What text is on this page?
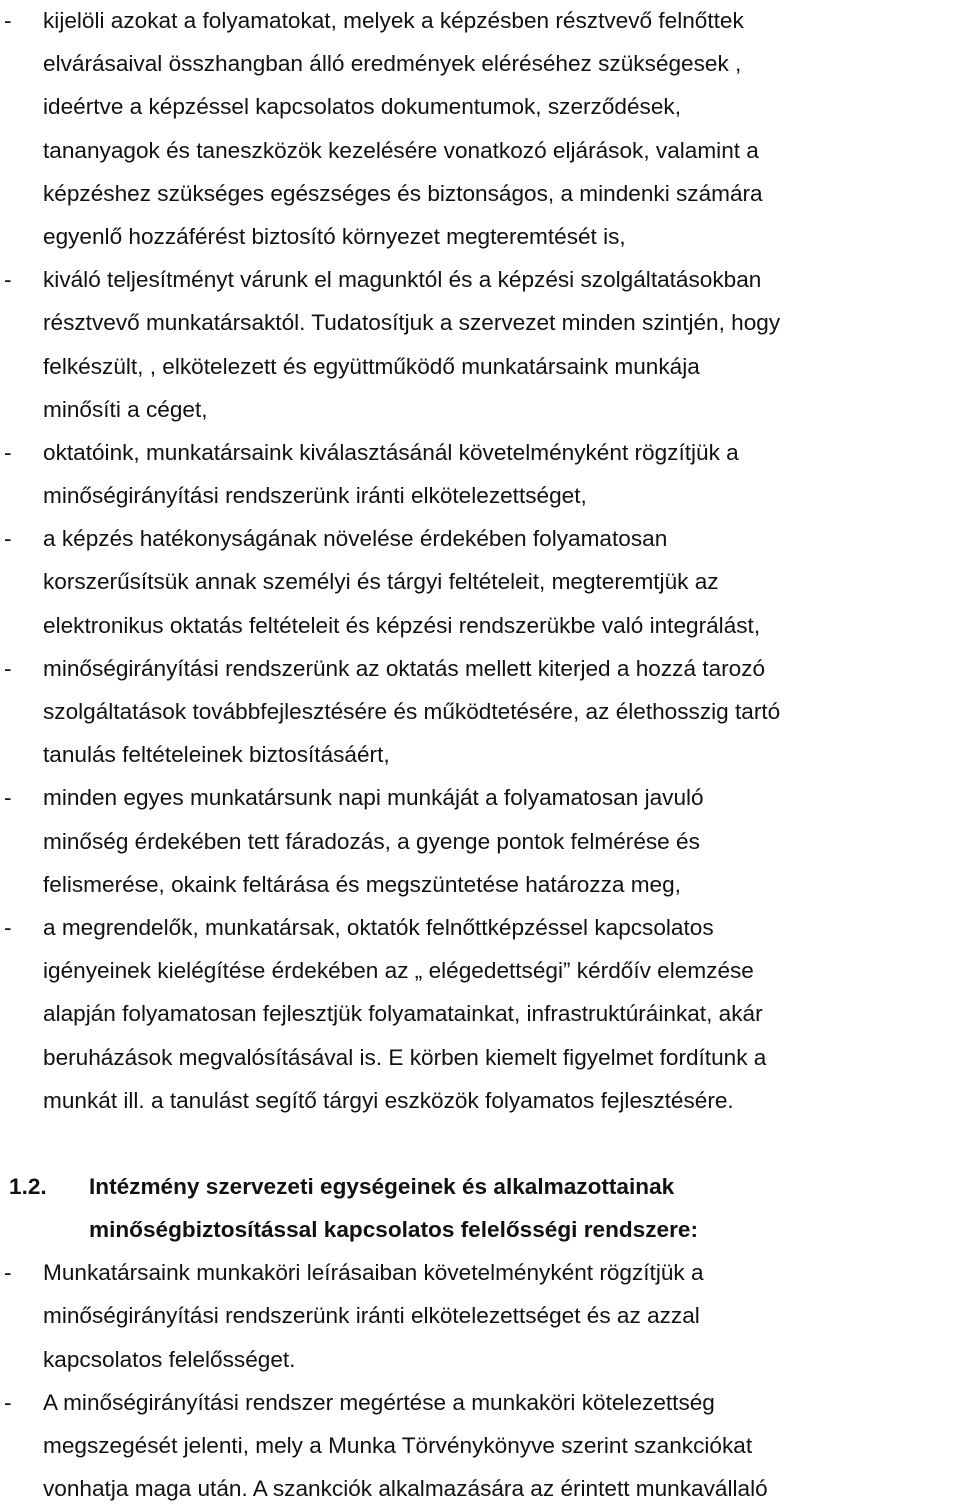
-	kijelöli azokat a folyamatokat, melyek a képzésben résztvevő felnőttek
elvárásaival összhangban álló eredmények eléréséhez szükségesek ,
ideértve a képzéssel kapcsolatos dokumentumok, szerződések,
tananyagok és taneszközök kezelésére vonatkozó eljárások, valamint a
képzéshez szükséges egészséges és biztonságos, a mindenki számára
egyenlő hozzáférést biztosító környezet megteremtését is,
-	kiváló teljesítményt várunk el magunktól és a képzési szolgáltatásokban
résztvevő munkatársaktól. Tudatosítjuk a szervezet minden szintjén, hogy
felkészült, , elkötelezett és együttműködő munkatársaink munkája
minősíti a céget,
-	oktatóink, munkatársaink kiválasztásánál követelményként rögzítjük a
minőségirányítási rendszerünk iránti elkötelezettséget,
-	a képzés hatékonyságának növelése érdekében folyamatosan
korszerűsítsük annak személyi és tárgyi feltételeit, megteremtjük az
elektronikus oktatás feltételeit és képzési rendszerükbe való integrálást,
-	minőségirányítási rendszerünk az oktatás mellett kiterjed a hozzá tarozó
szolgáltatások továbbfejlesztésére és működtetésére, az élethosszig tartó
tanulás feltételeinek biztosításáért,
-	minden egyes munkatársunk napi munkáját a folyamatosan javuló
minőség érdekében tett fáradozás, a gyenge pontok felmérése és
felismerése, okaink feltárása és megszüntetése határozza meg,
-	a megrendelők, munkatársak, oktatók felnőttképzéssel kapcsolatos
igényeinek kielégítése érdekében az „ elégedettségi” kérdőív elemzése
alapján folyamatosan fejlesztjük folyamatainkat, infrastruktúráinkat, akár
beruházások megvalósításával is. E körben kiemelt figyelmet fordítunk a
munkát ill. a tanulást segítő tárgyi eszközök folyamatos fejlesztésére.
1.2. Intézmény szervezeti egységeinek és alkalmazottainak
minőségbiztosítással kapcsolatos felelősségi rendszere:
-	Munkatársaink munkaköri leírásaiban követelményként rögzítjük a
minőségirányítási rendszerünk iránti elkötelezettséget és az azzal
kapcsolatos felelősséget.
-	A minőségirányítási rendszer megértése a munkaköri kötelezettség
megszegését jelenti, mely a Munka Törvénykönyve szerint szankciókat
vonhatja maga után. A szankciók alkalmazására az érintett munkavállaló
